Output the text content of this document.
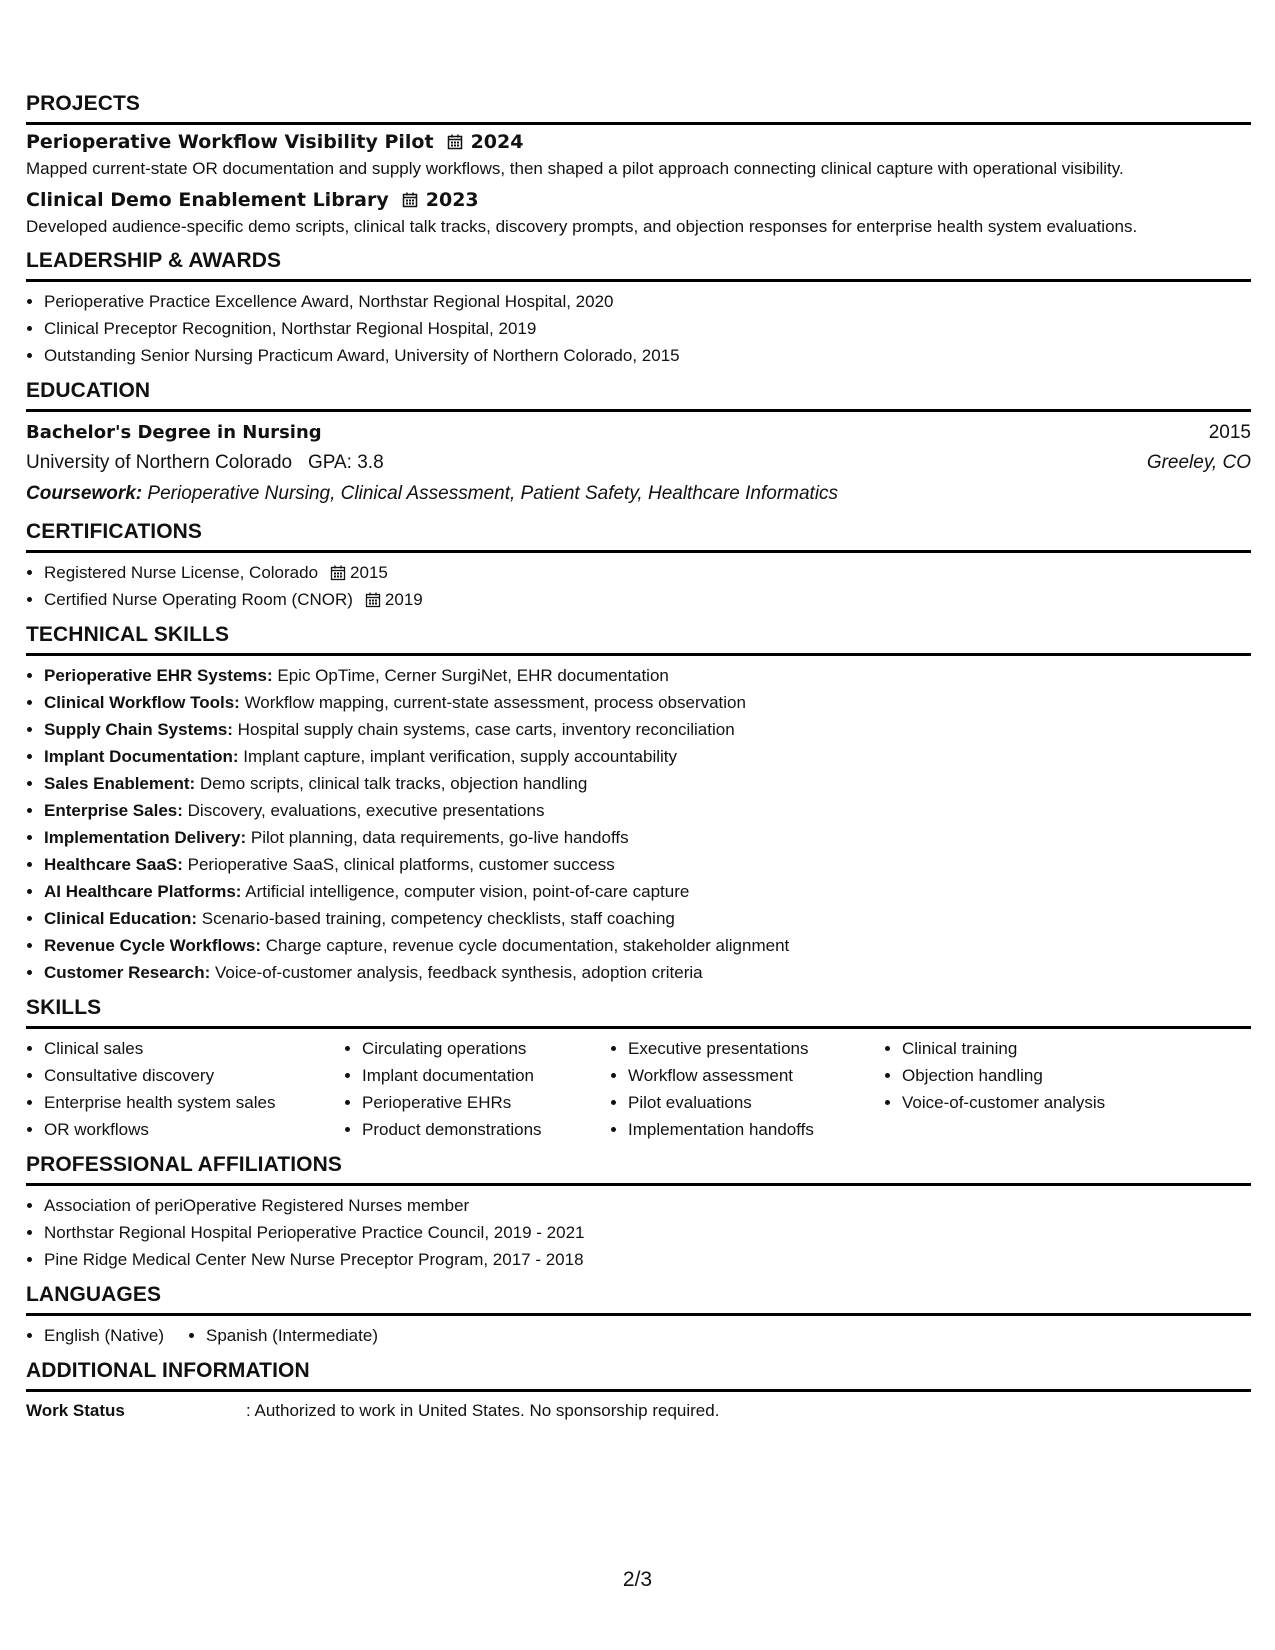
PROJECTS
Perioperative Workflow Visibility Pilot 2024
Mapped current-state OR documentation and supply workflows, then shaped a pilot approach connecting clinical capture with operational visibility.
Clinical Demo Enablement Library 2023
Developed audience-specific demo scripts, clinical talk tracks, discovery prompts, and objection responses for enterprise health system evaluations.
LEADERSHIP & AWARDS
• Perioperative Practice Excellence Award, Northstar Regional Hospital, 2020
• Clinical Preceptor Recognition, Northstar Regional Hospital, 2019
• Outstanding Senior Nursing Practicum Award, University of Northern Colorado, 2015
EDUCATION
Bachelor's Degree in Nursing	2015
University of Northern Colorado GPA: 3.8	Greeley, CO
Coursework: Perioperative Nursing, Clinical Assessment, Patient Safety, Healthcare Informatics
CERTIFICATIONS
• Registered Nurse License, Colorado 2015
• Certified Nurse Operating Room (CNOR) 2019
TECHNICAL SKILLS
• Perioperative EHR Systems: Epic OpTime, Cerner SurgiNet, EHR documentation
• Clinical Workflow Tools: Workflow mapping, current-state assessment, process observation
• Supply Chain Systems: Hospital supply chain systems, case carts, inventory reconciliation
• Implant Documentation: Implant capture, implant verification, supply accountability
• Sales Enablement: Demo scripts, clinical talk tracks, objection handling
• Enterprise Sales: Discovery, evaluations, executive presentations
• Implementation Delivery: Pilot planning, data requirements, go-live handoffs
• Healthcare SaaS: Perioperative SaaS, clinical platforms, customer success
• AI Healthcare Platforms: Artificial intelligence, computer vision, point-of-care capture
• Clinical Education: Scenario-based training, competency checklists, staff coaching
• Revenue Cycle Workflows: Charge capture, revenue cycle documentation, stakeholder alignment
• Customer Research: Voice-of-customer analysis, feedback synthesis, adoption criteria
SKILLS
• Clinical sales
• Consultative discovery
• Enterprise health system sales
• OR workflows
• Circulating operations
• Implant documentation
• Perioperative EHRs
• Product demonstrations
• Executive presentations
• Workflow assessment
• Pilot evaluations
• Implementation handoffs
• Clinical training
• Objection handling
• Voice-of-customer analysis
PROFESSIONAL AFFILIATIONS
• Association of periOperative Registered Nurses member
• Northstar Regional Hospital Perioperative Practice Council, 2019 - 2021
• Pine Ridge Medical Center New Nurse Preceptor Program, 2017 - 2018
LANGUAGES
• English (Native)
• Spanish (Intermediate)
ADDITIONAL INFORMATION
Work Status	: Authorized to work in United States. No sponsorship required.
2/3
